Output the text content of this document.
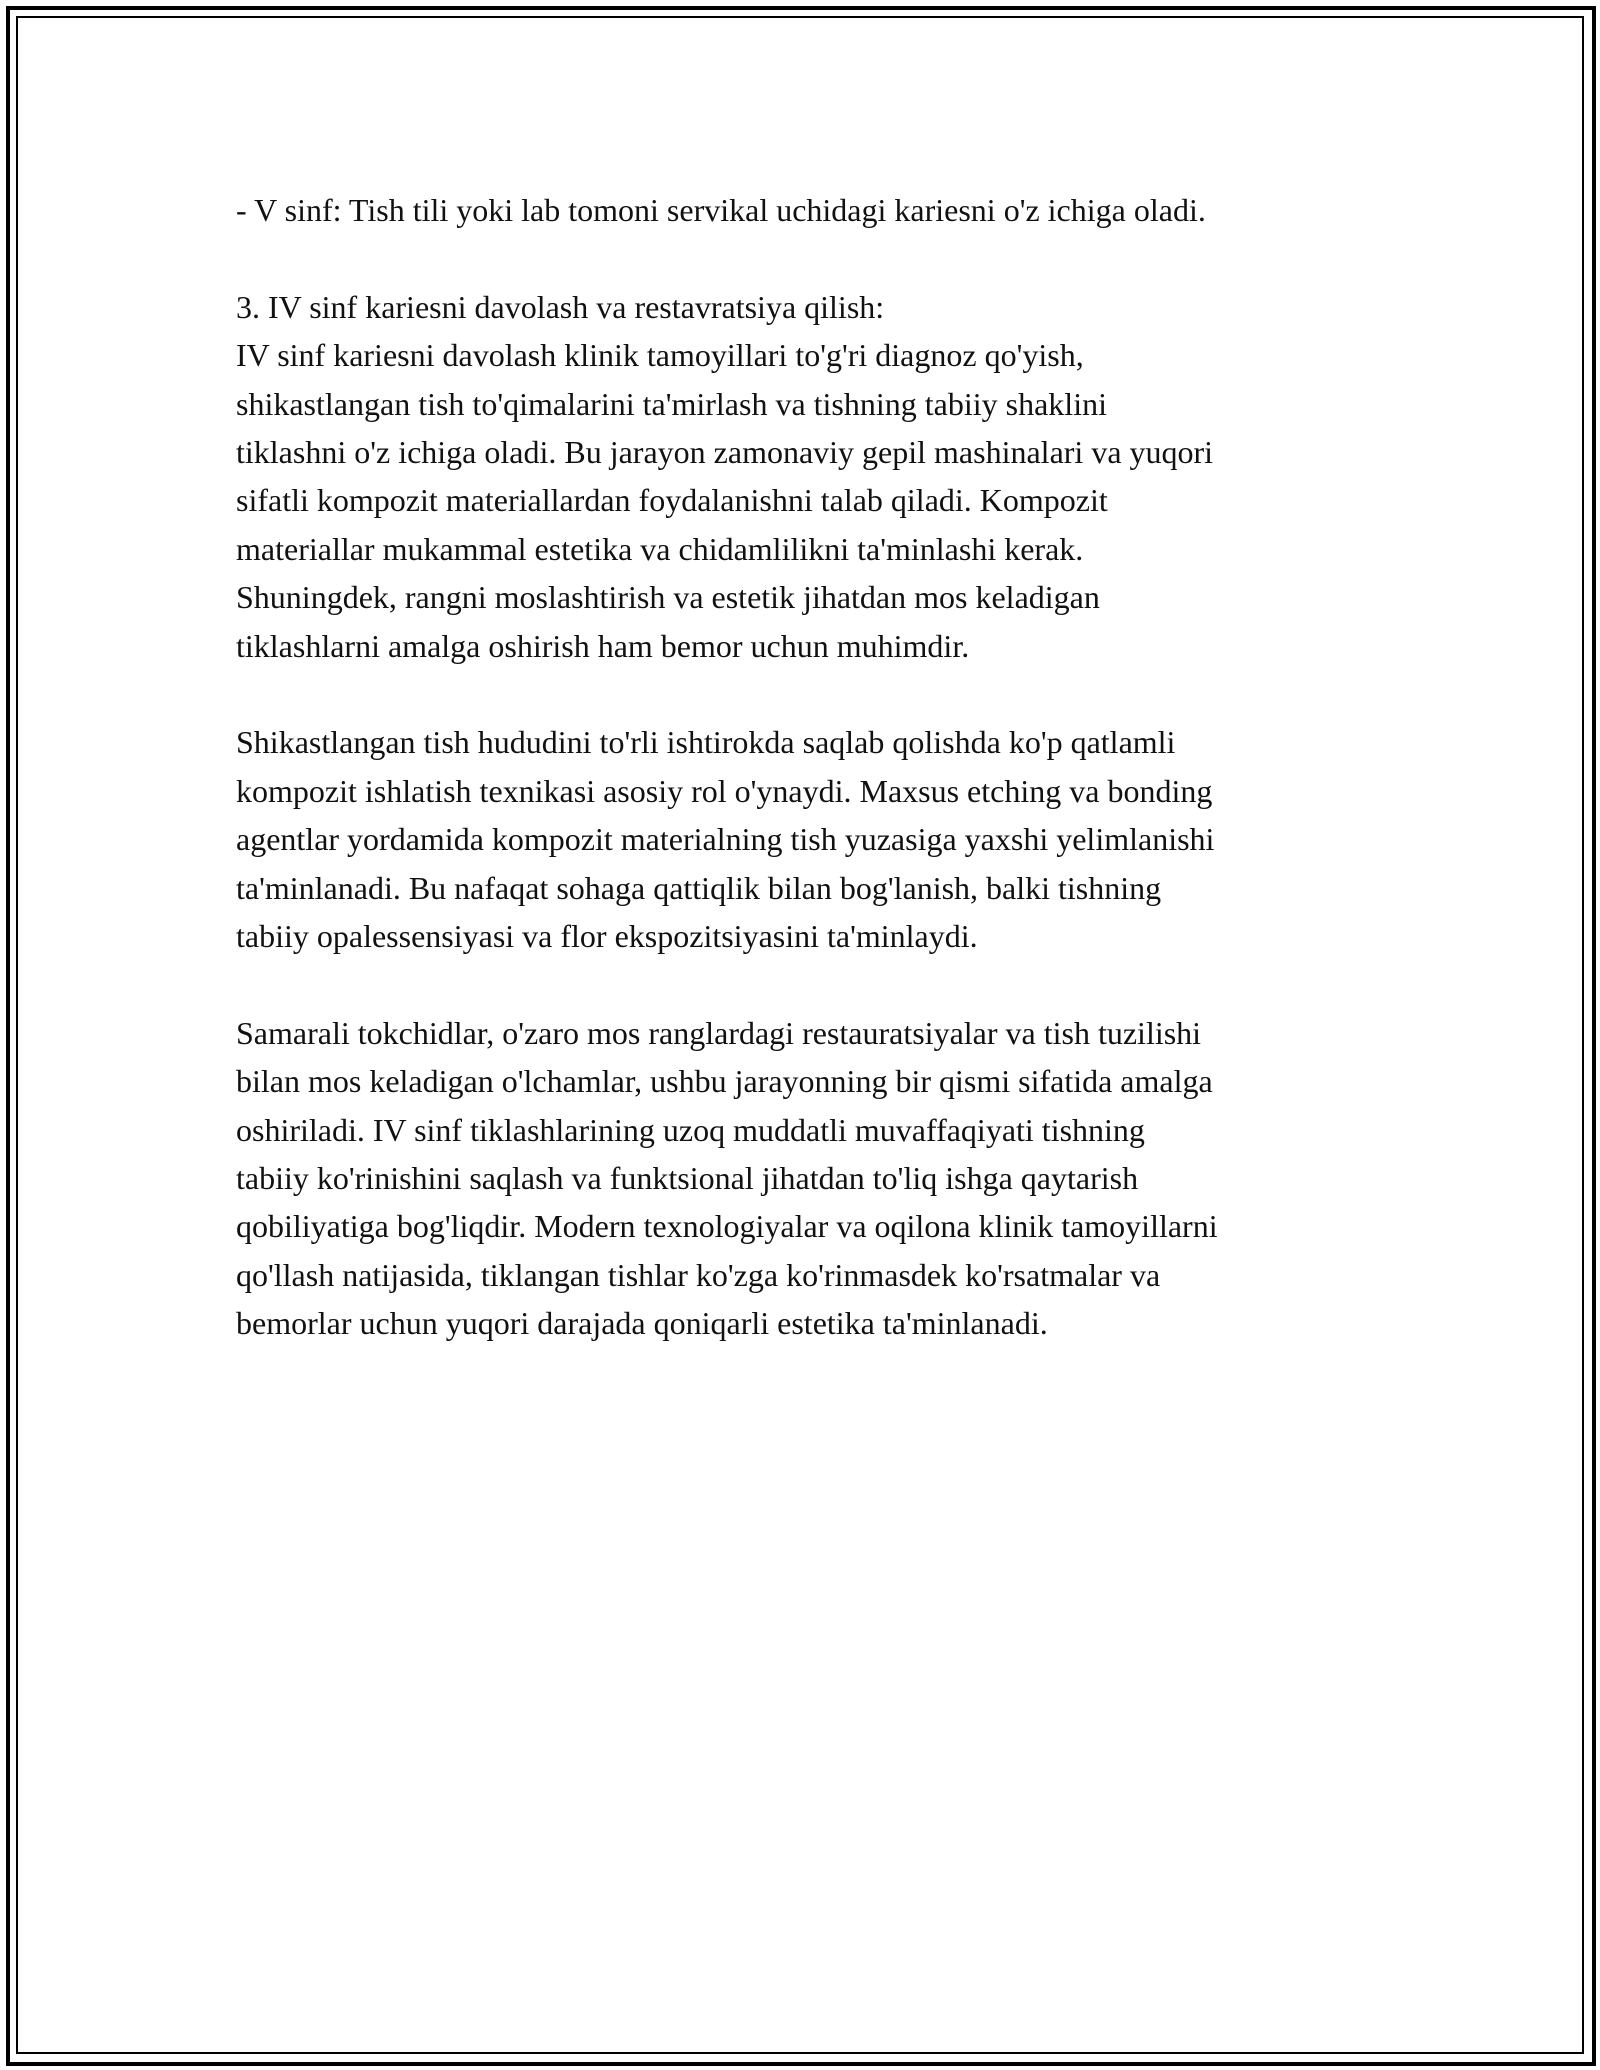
- V sinf: Tish tili yoki lab tomoni servikal uchidagi kariesni o'z ichiga oladi.

3. IV sinf kariesni davolash va restavratsiya qilish:

IV sinf kariesni davolash klinik tamoyillari to'g'ri diagnoz qo'yish,
shikastlangan tish to'qimalarini ta'mirlash va tishning tabiiy shaklini
tiklashni o'z ichiga oladi. Bu jarayon zamonaviy gepil mashinalari va yuqori
sifatli kompozit materiallardan foydalanishni talab qiladi. Kompozit
materiallar mukammal estetika va chidamlilikni ta'minlashi kerak.
Shuningdek, rangni moslashtirish va estetik jihatdan mos keladigan
tiklashlarni amalga oshirish ham bemor uchun muhimdir.

Shikastlangan tish hududini to'rli ishtirokda saqlab qolishda ko'p qatlamli
kompozit ishlatish texnikasi asosiy rol o'ynaydi. Maxsus etching va bonding
agentlar yordamida kompozit materialning tish yuzasiga yaxshi yelimlanishi
ta'minlanadi. Bu nafaqat sohaga qattiqlik bilan bog'lanish, balki tishning
tabiiy opalessensiyasi va flor ekspozitsiyasini ta'minlaydi.

Samarali tokchidlar, o'zaro mos ranglardagi restauratsiyalar va tish tuzilishi
bilan mos keladigan o'lchamlar, ushbu jarayonning bir qismi sifatida amalga
oshiriladi. IV sinf tiklashlarining uzoq muddatli muvaffaqiyati tishning
tabiiy ko'rinishini saqlash va funktsional jihatdan to'liq ishga qaytarish
qobiliyatiga bog'liqdir. Modern texnologiyalar va oqilona klinik tamoyillarni
qo'llash natijasida, tiklangan tishlar ko'zga ko'rinmasdek ko'rsatmalar va
bemorlar uchun yuqori darajada qoniqarli estetika ta'minlanadi.
